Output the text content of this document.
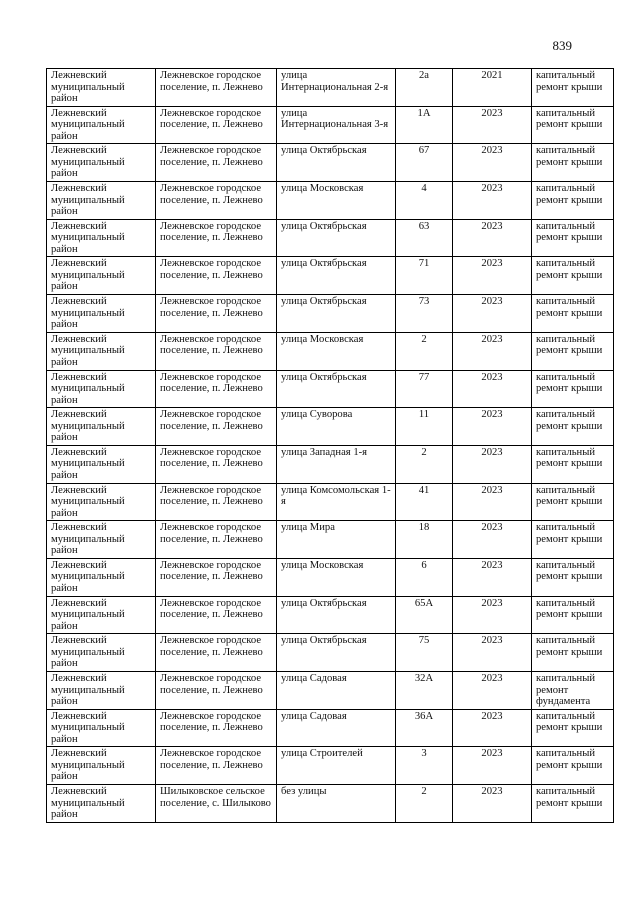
839
Лежневский муниципальный район	Лежневское городское поселение, п. Лежнево	улица Интернациональная 2-я	2а	2021	капитальный ремонт крыши
Лежневский муниципальный район	Лежневское городское поселение, п. Лежнево	улица Интернациональная 3-я	1А	2023	капитальный ремонт крыши
Лежневский муниципальный район	Лежневское городское поселение, п. Лежнево	улица Октябрьская	67	2023	капитальный ремонт крыши
Лежневский муниципальный район	Лежневское городское поселение, п. Лежнево	улица Московская	4	2023	капитальный ремонт крыши
Лежневский муниципальный район	Лежневское городское поселение, п. Лежнево	улица Октябрьская	63	2023	капитальный ремонт крыши
Лежневский муниципальный район	Лежневское городское поселение, п. Лежнево	улица Октябрьская	71	2023	капитальный ремонт крыши
Лежневский муниципальный район	Лежневское городское поселение, п. Лежнево	улица Октябрьская	73	2023	капитальный ремонт крыши
Лежневский муниципальный район	Лежневское городское поселение, п. Лежнево	улица Московская	2	2023	капитальный ремонт крыши
Лежневский муниципальный район	Лежневское городское поселение, п. Лежнево	улица Октябрьская	77	2023	капитальный ремонт крыши
Лежневский муниципальный район	Лежневское городское поселение, п. Лежнево	улица Суворова	11	2023	капитальный ремонт крыши
Лежневский муниципальный район	Лежневское городское поселение, п. Лежнево	улица Западная 1-я	2	2023	капитальный ремонт крыши
Лежневский муниципальный район	Лежневское городское поселение, п. Лежнево	улица Комсомольская 1-я	41	2023	капитальный ремонт крыши
Лежневский муниципальный район	Лежневское городское поселение, п. Лежнево	улица Мира	18	2023	капитальный ремонт крыши
Лежневский муниципальный район	Лежневское городское поселение, п. Лежнево	улица Московская	6	2023	капитальный ремонт крыши
Лежневский муниципальный район	Лежневское городское поселение, п. Лежнево	улица Октябрьская	65А	2023	капитальный ремонт крыши
Лежневский муниципальный район	Лежневское городское поселение, п. Лежнево	улица Октябрьская	75	2023	капитальный ремонт крыши
Лежневский муниципальный район	Лежневское городское поселение, п. Лежнево	улица Садовая	32А	2023	капитальный ремонт фундамента
Лежневский муниципальный район	Лежневское городское поселение, п. Лежнево	улица Садовая	36А	2023	капитальный ремонт крыши
Лежневский муниципальный район	Лежневское городское поселение, п. Лежнево	улица Строителей	3	2023	капитальный ремонт крыши
Лежневский муниципальный район	Шилыковское сельское поселение, с. Шилыково	без улицы	2	2023	капитальный ремонт крыши
